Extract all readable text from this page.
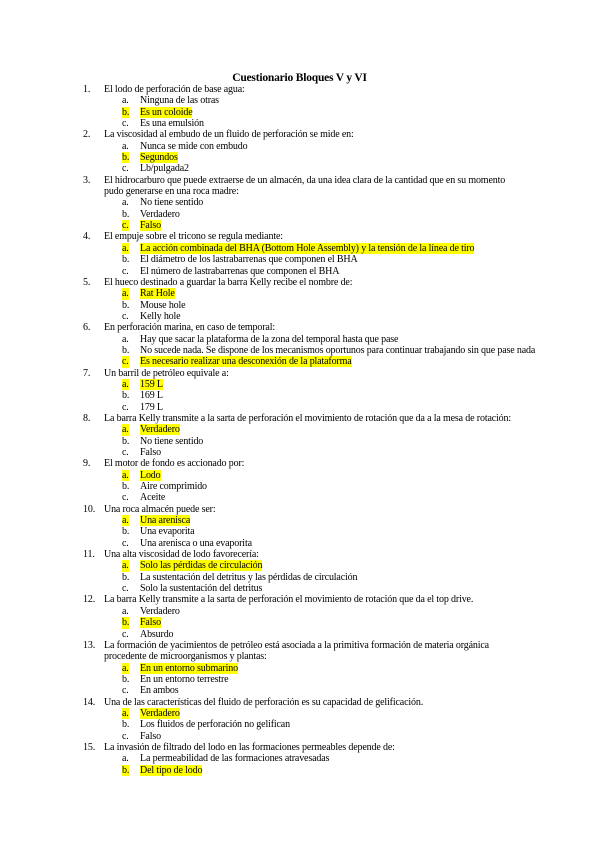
Cuestionario Bloques V y VI
1.	El lodo de perforación de base agua:
a. Ninguna de las otras
b. Es un coloide
c. Es una emulsión
2.	La viscosidad al embudo de un fluido de perforación se mide en:
a. Nunca se mide con embudo
b. Segundos
c. Lb/pulgada2
3.	El hidrocarburo que puede extraerse de un almacén, da una idea clara de la cantidad que en su momento pudo generarse en una roca madre:
a. No tiene sentido
b. Verdadero
c. Falso
4.	El empuje sobre el tricono se regula mediante:
a. La acción combinada del BHA (Bottom Hole Assembly) y la tensión de la línea de tiro
b. El diámetro de los lastrabarrenas que componen el BHA
c. El número de lastrabarrenas que componen el BHA
5.	El hueco destinado a guardar la barra Kelly recibe el nombre de:
a. Rat Hole
b. Mouse hole
c. Kelly hole
6.	En perforación marina, en caso de temporal:
a. Hay que sacar la plataforma de la zona del temporal hasta que pase
b. No sucede nada. Se dispone de los mecanismos oportunos para continuar trabajando sin que pase nada
c. Es necesario realizar una desconexión de la plataforma
7.	Un barril de petróleo equivale a:
a. 159 L
b. 169 L
c. 179 L
8.	La barra Kelly transmite a la sarta de perforación el movimiento de rotación que da a la mesa de rotación:
a. Verdadero
b. No tiene sentido
c. Falso
9.	El motor de fondo es accionado por:
a. Lodo
b. Aire comprimido
c. Aceite
10. Una roca almacén puede ser:
a. Una arenisca
b. Una evaporita
c. Una arenisca o una evaporita
11. Una alta viscosidad de lodo favorecería:
a. Solo las pérdidas de circulación
b. La sustentación del detritus y las pérdidas de circulación
c. Solo la sustentación del detritus
12. La barra Kelly transmite a la sarta de perforación el movimiento de rotación que da el top drive.
a. Verdadero
b. Falso
c. Absurdo
13. La formación de yacimientos de petróleo está asociada a la primitiva formación de materia orgánica procedente de microorganismos y plantas:
a. En un entorno submarino
b. En un entorno terrestre
c. En ambos
14. Una de las características del fluido de perforación es su capacidad de gelificación.
a. Verdadero
b. Los fluidos de perforación no gelifican
c. Falso
15. La invasión de filtrado del lodo en las formaciones permeables depende de:
a. La permeabilidad de las formaciones atravesadas
b. Del tipo de lodo
